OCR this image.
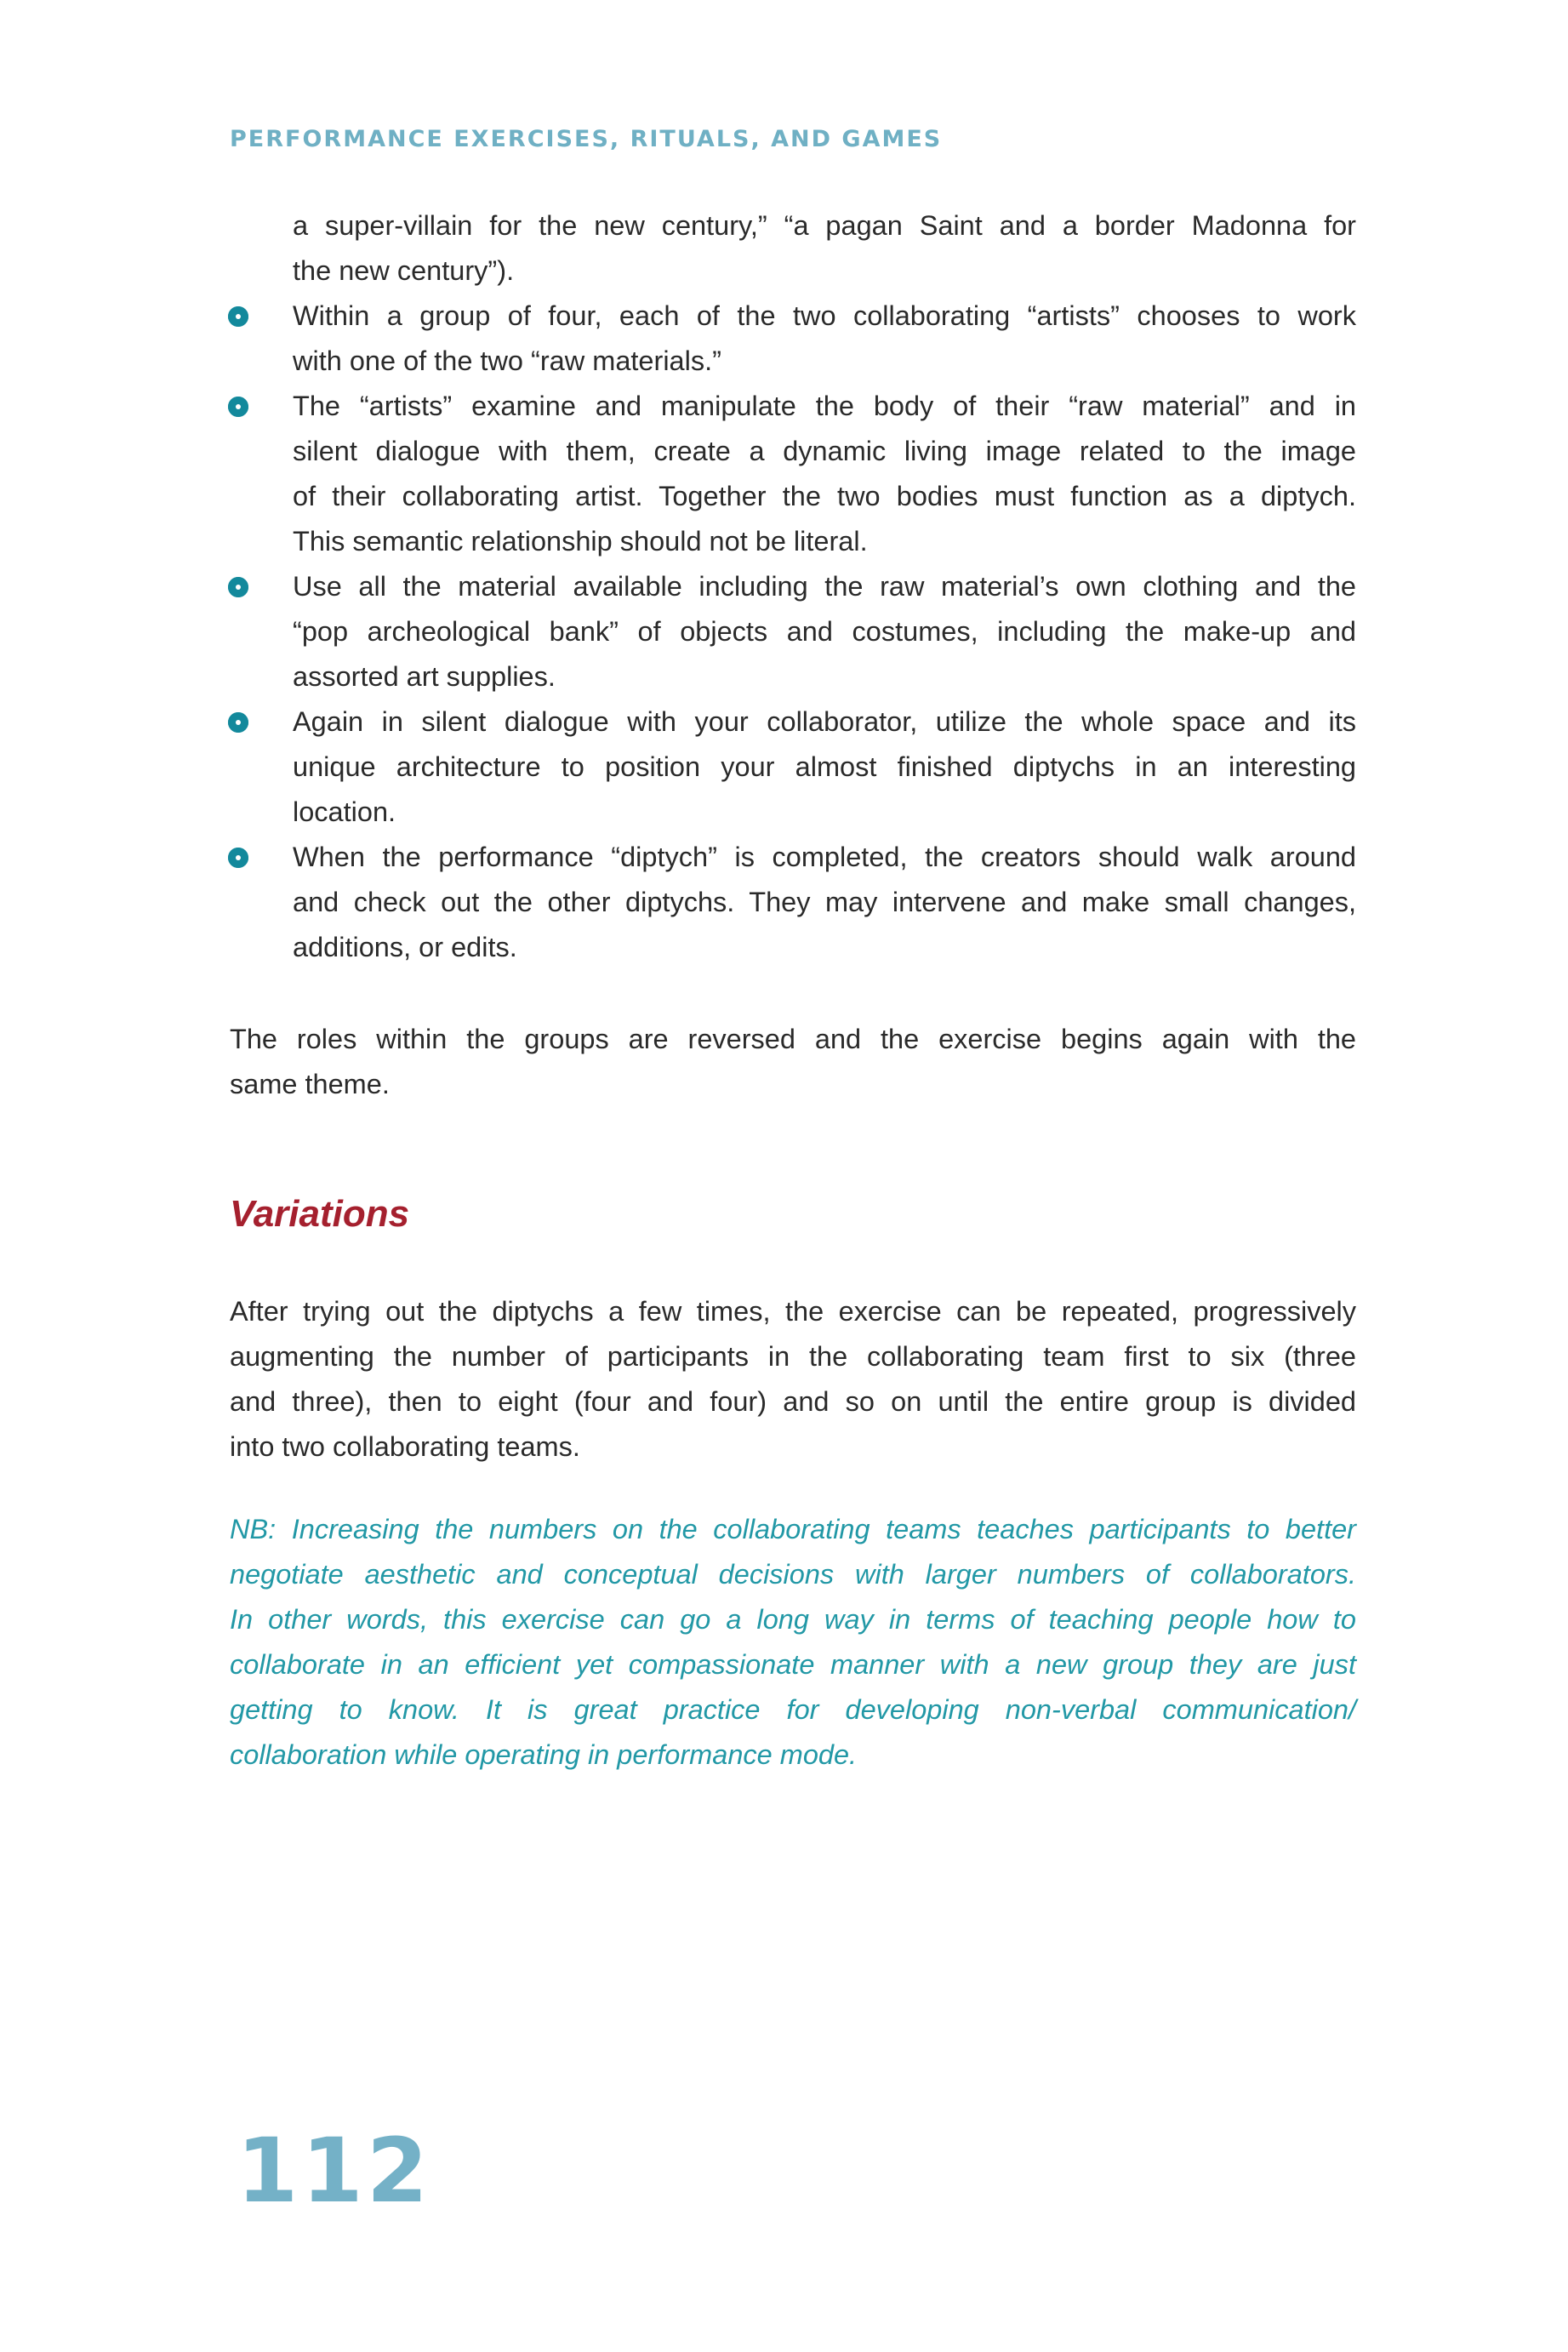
PERFORMANCE EXERCISES, RITUALS, AND GAMES
a super-villain for the new century,” “a pagan Saint and a border Madonna for
the new century”).
Within a group of four, each of the two collaborating “artists” chooses to work
with one of the two “raw materials.”
The “artists” examine and manipulate the body of their “raw material” and in
silent dialogue with them, create a dynamic living image related to the image
of their collaborating artist. Together the two bodies must function as a diptych.
This semantic relationship should not be literal.
Use all the material available including the raw material’s own clothing and the
“pop archeological bank” of objects and costumes, including the make-up and
assorted art supplies.
Again in silent dialogue with your collaborator, utilize the whole space and its
unique architecture to position your almost finished diptychs in an interesting
location.
When the performance “diptych” is completed, the creators should walk around
and check out the other diptychs. They may intervene and make small changes,
additions, or edits.
The roles within the groups are reversed and the exercise begins again with the
same theme.
Variations
After trying out the diptychs a few times, the exercise can be repeated, progressively
augmenting the number of participants in the collaborating team first to six (three
and three), then to eight (four and four) and so on until the entire group is divided
into two collaborating teams.
NB: Increasing the numbers on the collaborating teams teaches participants to better
negotiate aesthetic and conceptual decisions with larger numbers of collaborators.
In other words, this exercise can go a long way in terms of teaching people how to
collaborate in an efficient yet compassionate manner with a new group they are just
getting to know. It is great practice for developing non-verbal communication/
collaboration while operating in performance mode.
112
